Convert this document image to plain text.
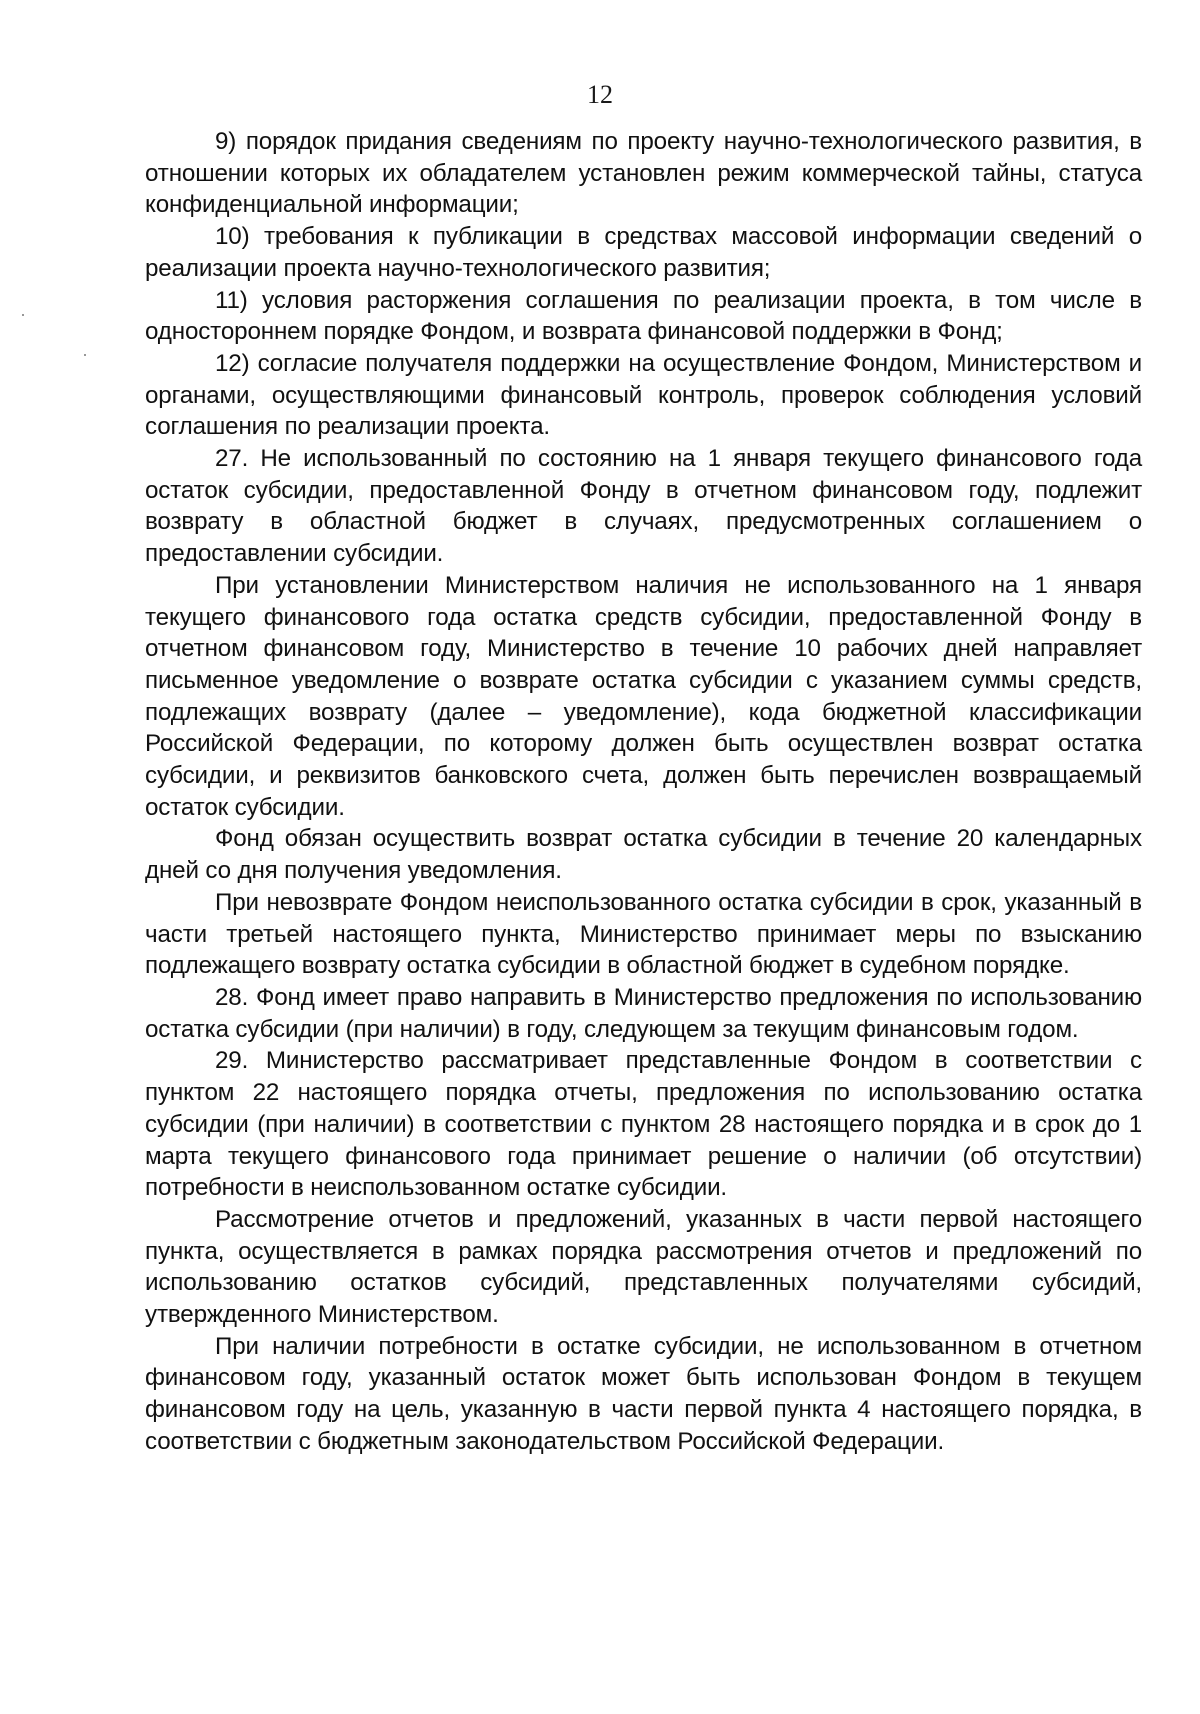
12

9) порядок придания сведениям по проекту научно-технологического развития, в отношении которых их обладателем установлен режим коммерческой тайны, статуса конфиденциальной информации;

10) требования к публикации в средствах массовой информации сведений о реализации проекта научно-технологического развития;

11) условия расторжения соглашения по реализации проекта, в том числе в одностороннем порядке Фондом, и возврата финансовой поддержки в Фонд;

12) согласие получателя поддержки на осуществление Фондом, Министерством и органами, осуществляющими финансовый контроль, проверок соблюдения условий соглашения по реализации проекта.

27. Не использованный по состоянию на 1 января текущего финансового года остаток субсидии, предоставленной Фонду в отчетном финансовом году, подлежит возврату в областной бюджет в случаях, предусмотренных соглашением о предоставлении субсидии.

При установлении Министерством наличия не использованного на 1 января текущего финансового года остатка средств субсидии, предоставленной Фонду в отчетном финансовом году, Министерство в течение 10 рабочих дней направляет письменное уведомление о возврате остатка субсидии с указанием суммы средств, подлежащих возврату (далее – уведомление), кода бюджетной классификации Российской Федерации, по которому должен быть осуществлен возврат остатка субсидии, и реквизитов банковского счета, должен быть перечислен возвращаемый остаток субсидии.

Фонд обязан осуществить возврат остатка субсидии в течение 20 календарных дней со дня получения уведомления.

При невозврате Фондом неиспользованного остатка субсидии в срок, указанный в части третьей настоящего пункта, Министерство принимает меры по взысканию подлежащего возврату остатка субсидии в областной бюджет в судебном порядке.

28. Фонд имеет право направить в Министерство предложения по использованию остатка субсидии (при наличии) в году, следующем за текущим финансовым годом.

29. Министерство рассматривает представленные Фондом в соответствии с пунктом 22 настоящего порядка отчеты, предложения по использованию остатка субсидии (при наличии) в соответствии с пунктом 28 настоящего порядка и в срок до 1 марта текущего финансового года принимает решение о наличии (об отсутствии) потребности в неиспользованном остатке субсидии.

Рассмотрение отчетов и предложений, указанных в части первой настоящего пункта, осуществляется в рамках порядка рассмотрения отчетов и предложений по использованию остатков субсидий, представленных получателями субсидий, утвержденного Министерством.

При наличии потребности в остатке субсидии, не использованном в отчетном финансовом году, указанный остаток может быть использован Фондом в текущем финансовом году на цель, указанную в части первой пункта 4 настоящего порядка, в соответствии с бюджетным законодательством Российской Федерации.
